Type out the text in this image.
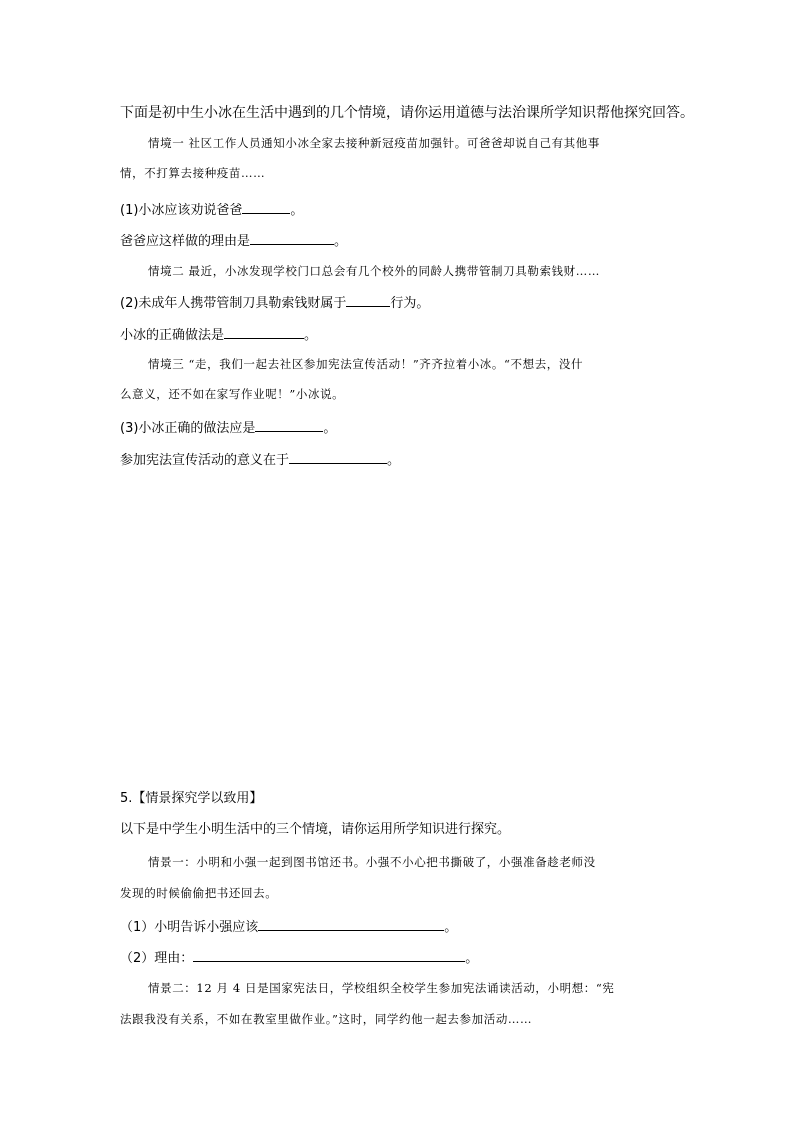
下面是初中生小冰在生活中遇到的几个情境，请你运用道德与法治课所学知识帮他探究回答。
情境一 社区工作人员通知小冰全家去接种新冠疫苗加强针。可爸爸却说自己有其他事
情，不打算去接种疫苗……
(1)小冰应该劝说爸爸	。
爸爸应这样做的理由是	。
情境二 最近，小冰发现学校门口总会有几个校外的同龄人携带管制刀具勒索钱财……
(2)未成年人携带管制刀具勒索钱财属于	行为。
小冰的正确做法是	。
情境三 “走，我们一起去社区参加宪法宣传活动！”齐齐拉着小冰。“不想去，没什
么意义，还不如在家写作业呢！”小冰说。
(3)小冰正确的做法应是	。
参加宪法宣传活动的意义在于	。
5.【情景探究学以致用】
以下是中学生小明生活中的三个情境，请你运用所学知识进行探究。
情景一：小明和小强一起到图书馆还书。小强不小心把书撕破了，小强准备趁老师没
发现的时候偷偷把书还回去。
（1）小明告诉小强应该	。
（2）理由：	。
情景二：12 月 4 日是国家宪法日，学校组织全校学生参加宪法诵读活动，小明想：“宪
法跟我没有关系，不如在教室里做作业。”这时，同学约他一起去参加活动……
